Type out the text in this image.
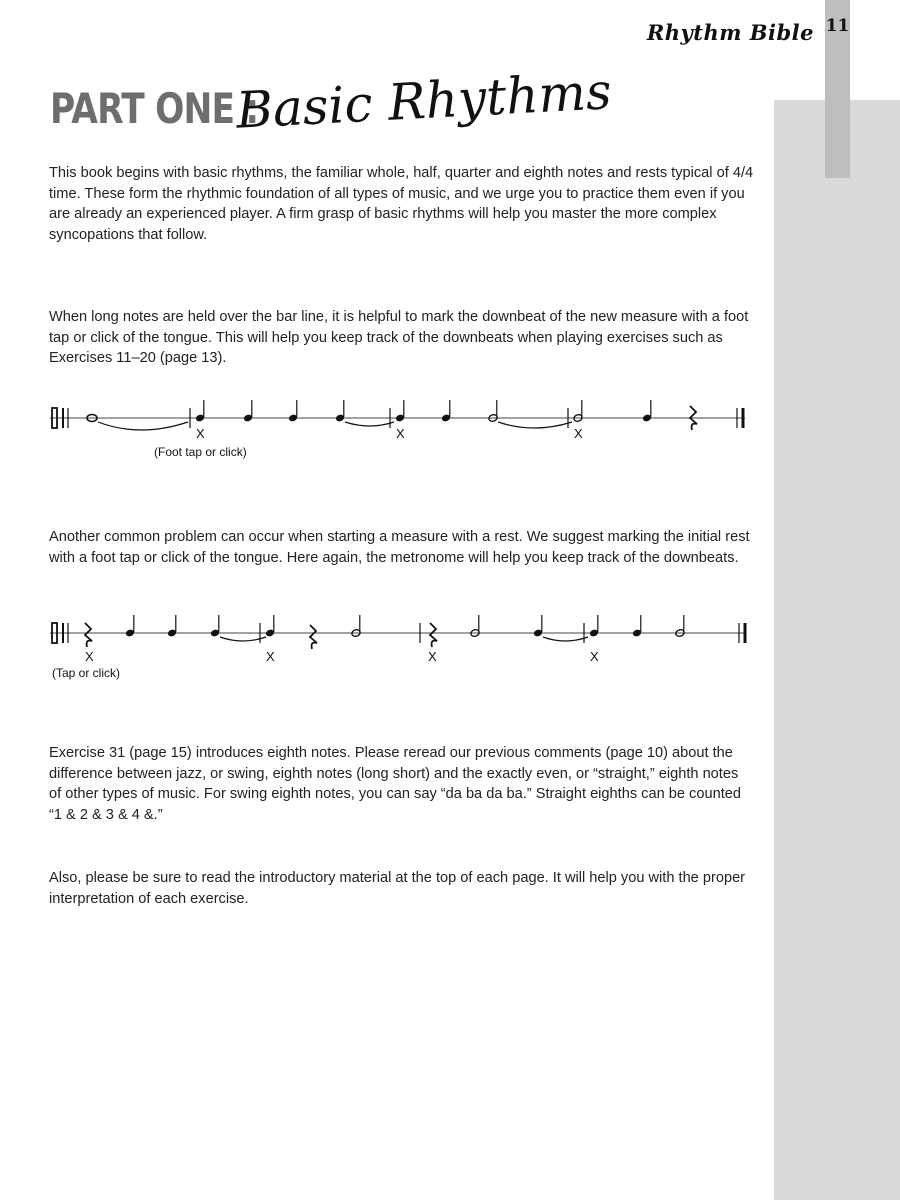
11
Rhythm Bible
PART ONE :
Basic Rhythms

This book begins with basic rhythms, the familiar whole, half, quarter and eighth notes and rests typical of 4/4 time. These form the rhythmic foundation of all types of music, and we urge you to practice them even if you are already an experienced player. A firm grasp of basic rhythms will help you master the more complex syncopations that follow.

When long notes are held over the bar line, it is helpful to mark the downbeat of the new measure with a foot tap or click of the tongue. This will help you keep track of the downbeats when playing exercises such as Exercises 11–20 (page 13).

X	X	X
(Foot tap or click)

Another common problem can occur when starting a measure with a rest. We suggest marking the initial rest with a foot tap or click of the tongue. Here again, the metronome will help you keep track of the downbeats.

X	X	X	X
(Tap or click)

Exercise 31 (page 15) introduces eighth notes. Please reread our previous comments (page 10) about the difference between jazz, or swing, eighth notes (long short) and the exactly even, or “straight,” eighth notes of other types of music. For swing eighth notes, you can say “da ba da ba.” Straight eighths can be counted “1 & 2 & 3 & 4 &.”

Also, please be sure to read the introductory material at the top of each page. It will help you with the proper interpretation of each exercise.
